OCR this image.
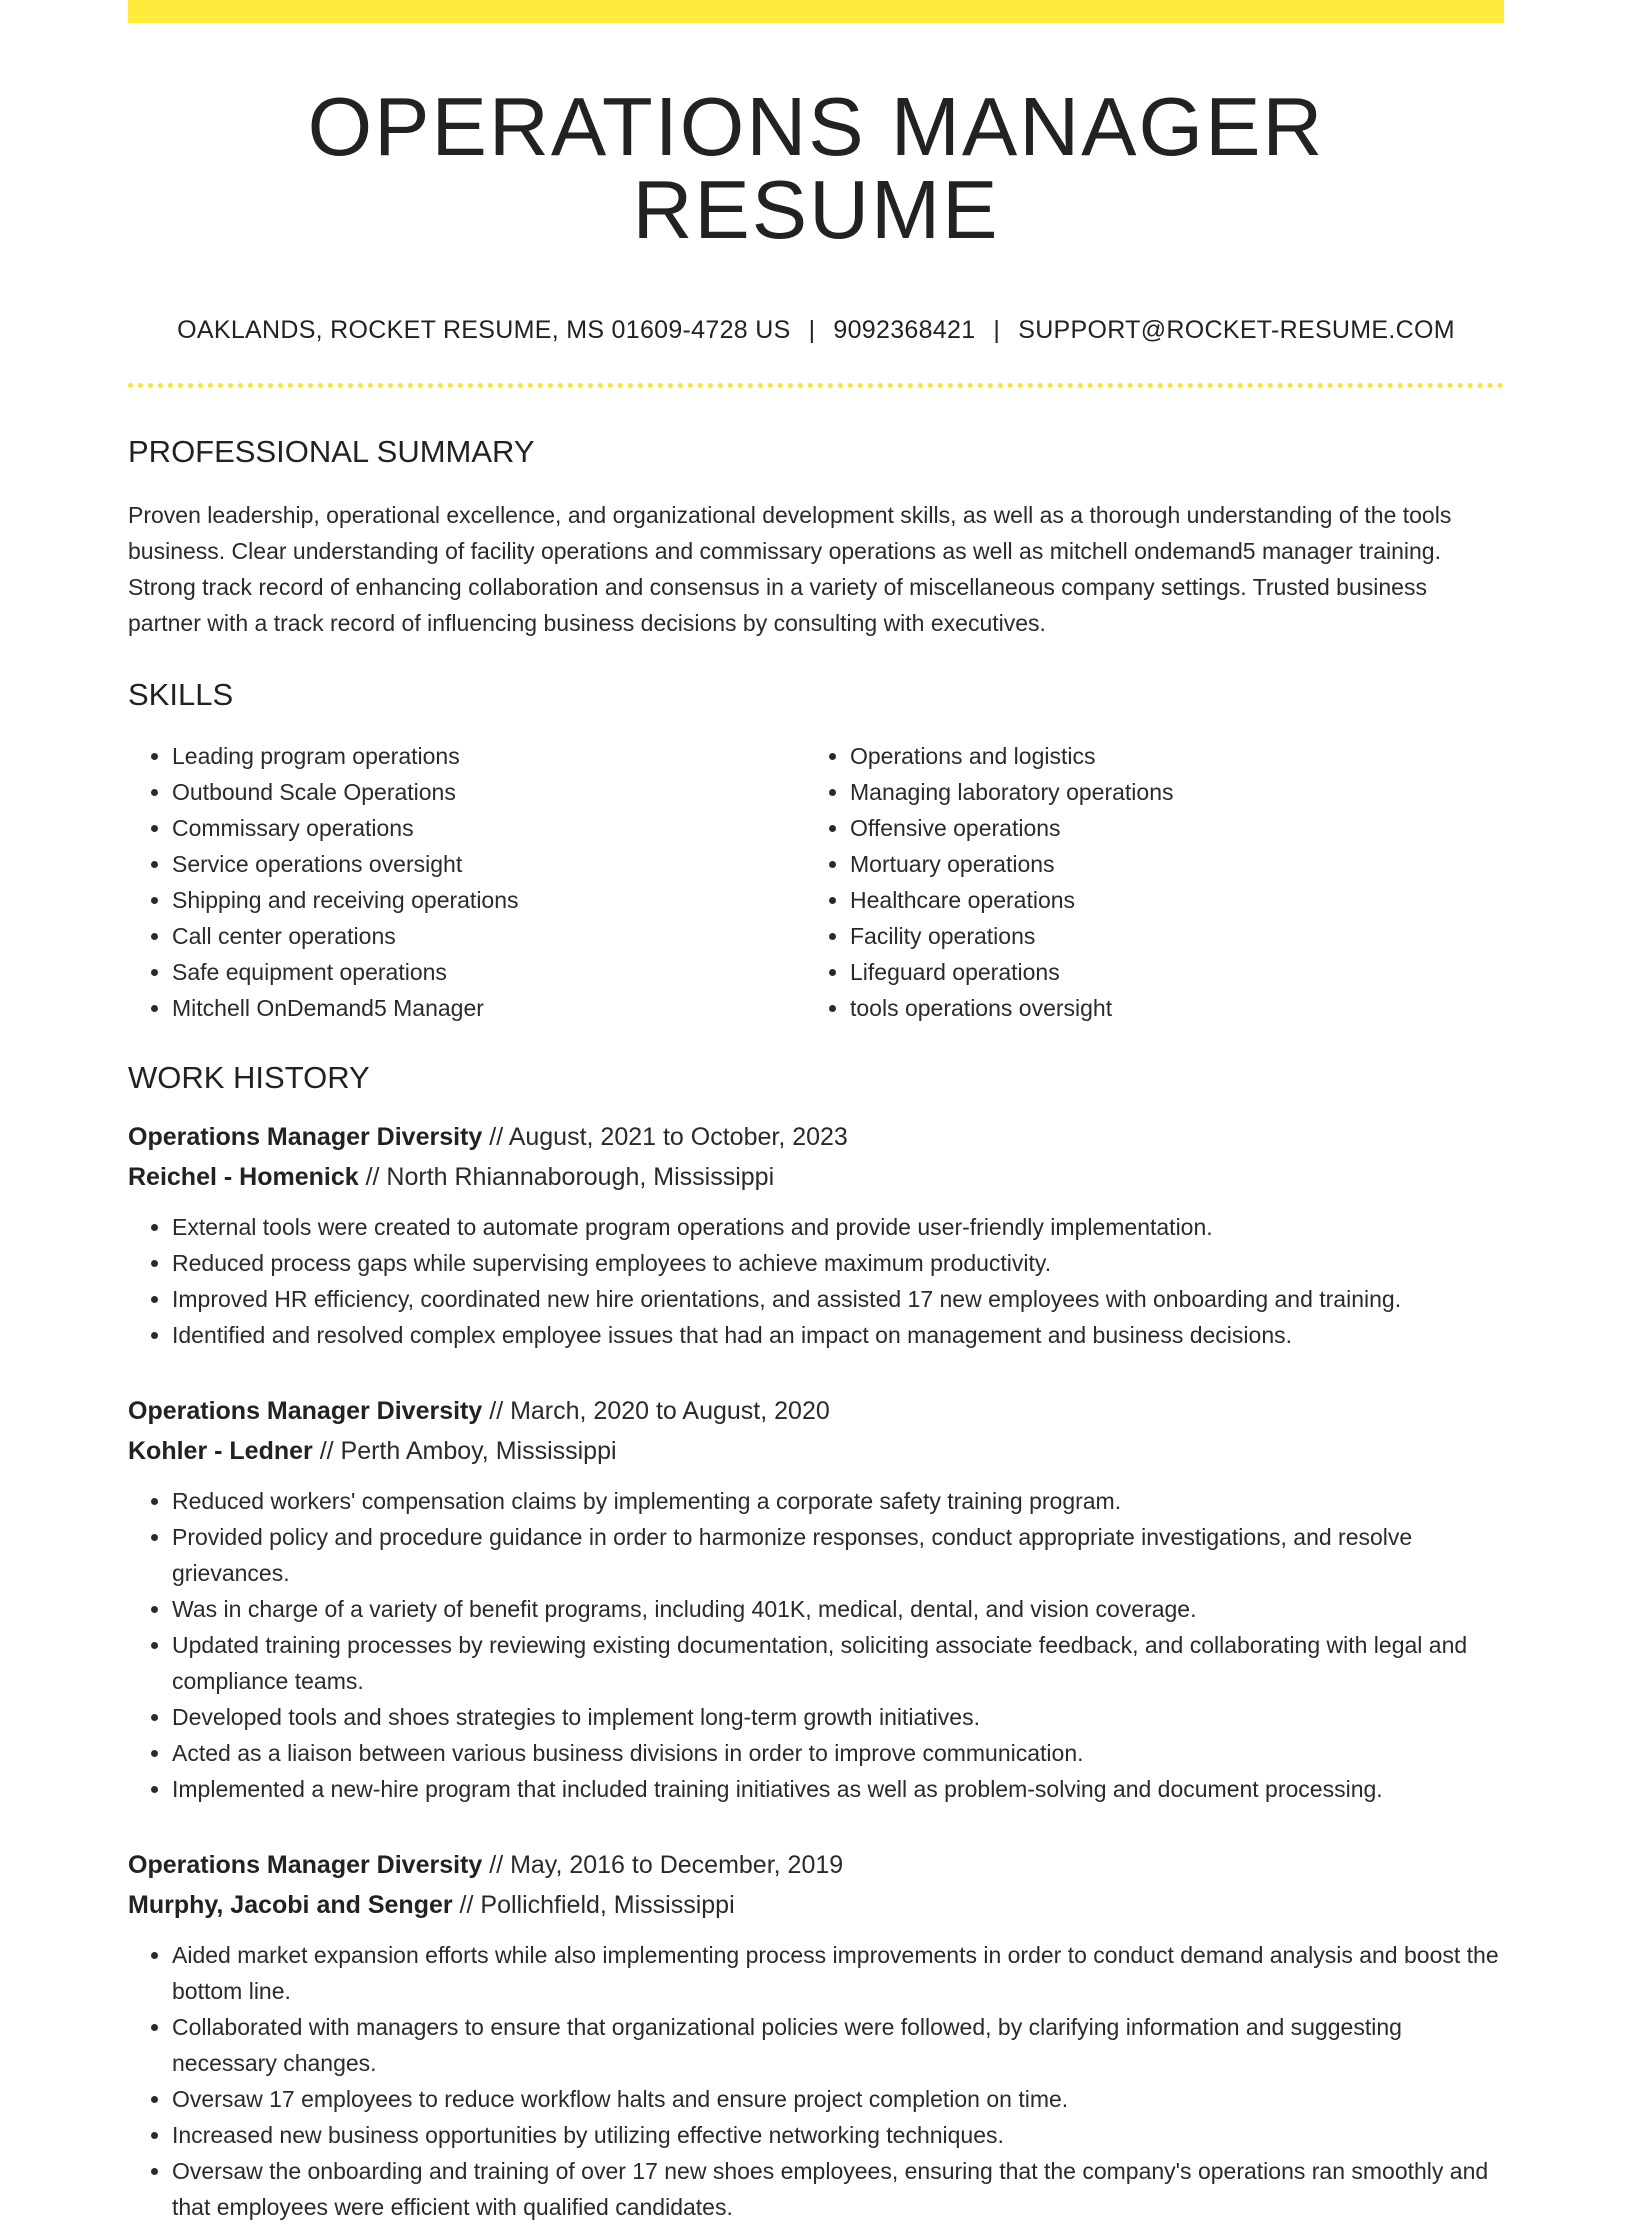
OPERATIONS MANAGER RESUME
OAKLANDS, ROCKET RESUME, MS 01609-4728 US | 9092368421 | SUPPORT@ROCKET-RESUME.COM
PROFESSIONAL SUMMARY
Proven leadership, operational excellence, and organizational development skills, as well as a thorough understanding of the tools business. Clear understanding of facility operations and commissary operations as well as mitchell ondemand5 manager training. Strong track record of enhancing collaboration and consensus in a variety of miscellaneous company settings. Trusted business partner with a track record of influencing business decisions by consulting with executives.
SKILLS
• Leading program operations
• Outbound Scale Operations
• Commissary operations
• Service operations oversight
• Shipping and receiving operations
• Call center operations
• Safe equipment operations
• Mitchell OnDemand5 Manager
• Operations and logistics
• Managing laboratory operations
• Offensive operations
• Mortuary operations
• Healthcare operations
• Facility operations
• Lifeguard operations
• tools operations oversight
WORK HISTORY
Operations Manager Diversity // August, 2021 to October, 2023
Reichel - Homenick // North Rhiannaborough, Mississippi
• External tools were created to automate program operations and provide user-friendly implementation.
• Reduced process gaps while supervising employees to achieve maximum productivity.
• Improved HR efficiency, coordinated new hire orientations, and assisted 17 new employees with onboarding and training.
• Identified and resolved complex employee issues that had an impact on management and business decisions.
Operations Manager Diversity // March, 2020 to August, 2020
Kohler - Ledner // Perth Amboy, Mississippi
• Reduced workers' compensation claims by implementing a corporate safety training program.
• Provided policy and procedure guidance in order to harmonize responses, conduct appropriate investigations, and resolve grievances.
• Was in charge of a variety of benefit programs, including 401K, medical, dental, and vision coverage.
• Updated training processes by reviewing existing documentation, soliciting associate feedback, and collaborating with legal and compliance teams.
• Developed tools and shoes strategies to implement long-term growth initiatives.
• Acted as a liaison between various business divisions in order to improve communication.
• Implemented a new-hire program that included training initiatives as well as problem-solving and document processing.
Operations Manager Diversity // May, 2016 to December, 2019
Murphy, Jacobi and Senger // Pollichfield, Mississippi
• Aided market expansion efforts while also implementing process improvements in order to conduct demand analysis and boost the bottom line.
• Collaborated with managers to ensure that organizational policies were followed, by clarifying information and suggesting necessary changes.
• Oversaw 17 employees to reduce workflow halts and ensure project completion on time.
• Increased new business opportunities by utilizing effective networking techniques.
• Oversaw the onboarding and training of over 17 new shoes employees, ensuring that the company's operations ran smoothly and that employees were efficient with qualified candidates.
